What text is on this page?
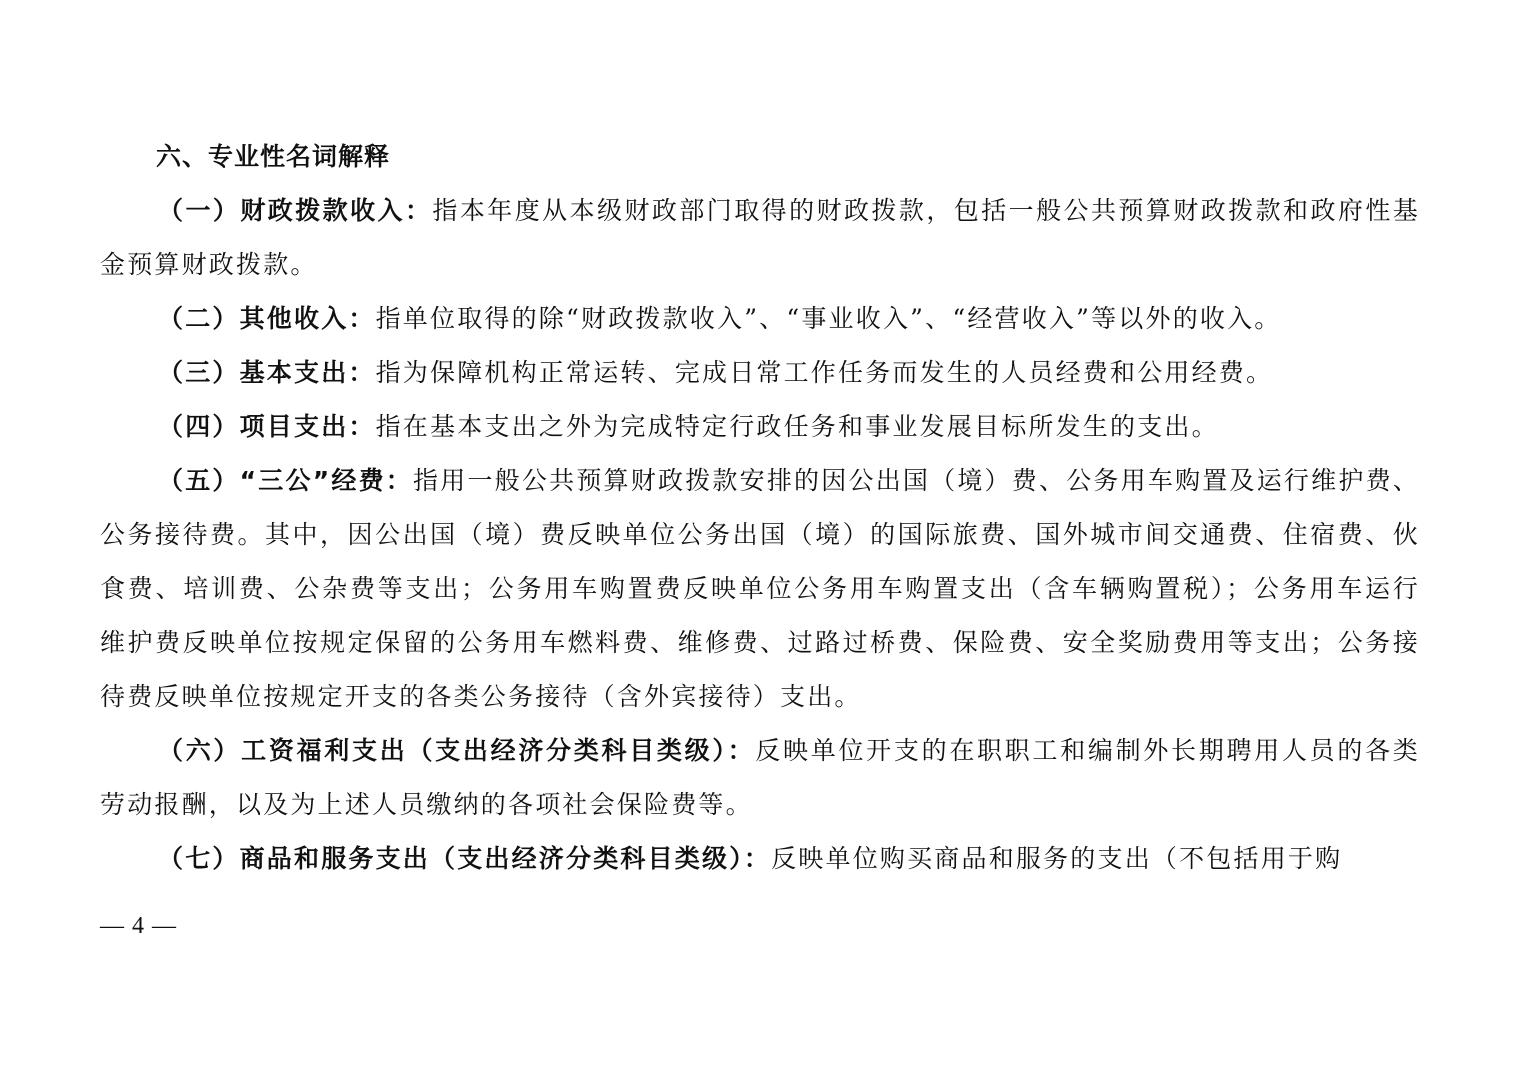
六、专业性名词解释

（一）财政拨款收入：指本年度从本级财政部门取得的财政拨款，包括一般公共预算财政拨款和政府性基金预算财政拨款。

（二）其他收入：指单位取得的除“财政拨款收入”、“事业收入”、“经营收入”等以外的收入。

（三）基本支出：指为保障机构正常运转、完成日常工作任务而发生的人员经费和公用经费。

（四）项目支出：指在基本支出之外为完成特定行政任务和事业发展目标所发生的支出。

（五）“三公”经费：指用一般公共预算财政拨款安排的因公出国（境）费、公务用车购置及运行维护费、公务接待费。其中，因公出国（境）费反映单位公务出国（境）的国际旅费、国外城市间交通费、住宿费、伙食费、培训费、公杂费等支出；公务用车购置费反映单位公务用车购置支出（含车辆购置税）；公务用车运行维护费反映单位按规定保留的公务用车燃料费、维修费、过路过桥费、保险费、安全奖励费用等支出；公务接待费反映单位按规定开支的各类公务接待（含外宾接待）支出。

（六）工资福利支出（支出经济分类科目类级）：反映单位开支的在职职工和编制外长期聘用人员的各类劳动报酬，以及为上述人员缴纳的各项社会保险费等。

（七）商品和服务支出（支出经济分类科目类级）：反映单位购买商品和服务的支出（不包括用于购

— 4 —
